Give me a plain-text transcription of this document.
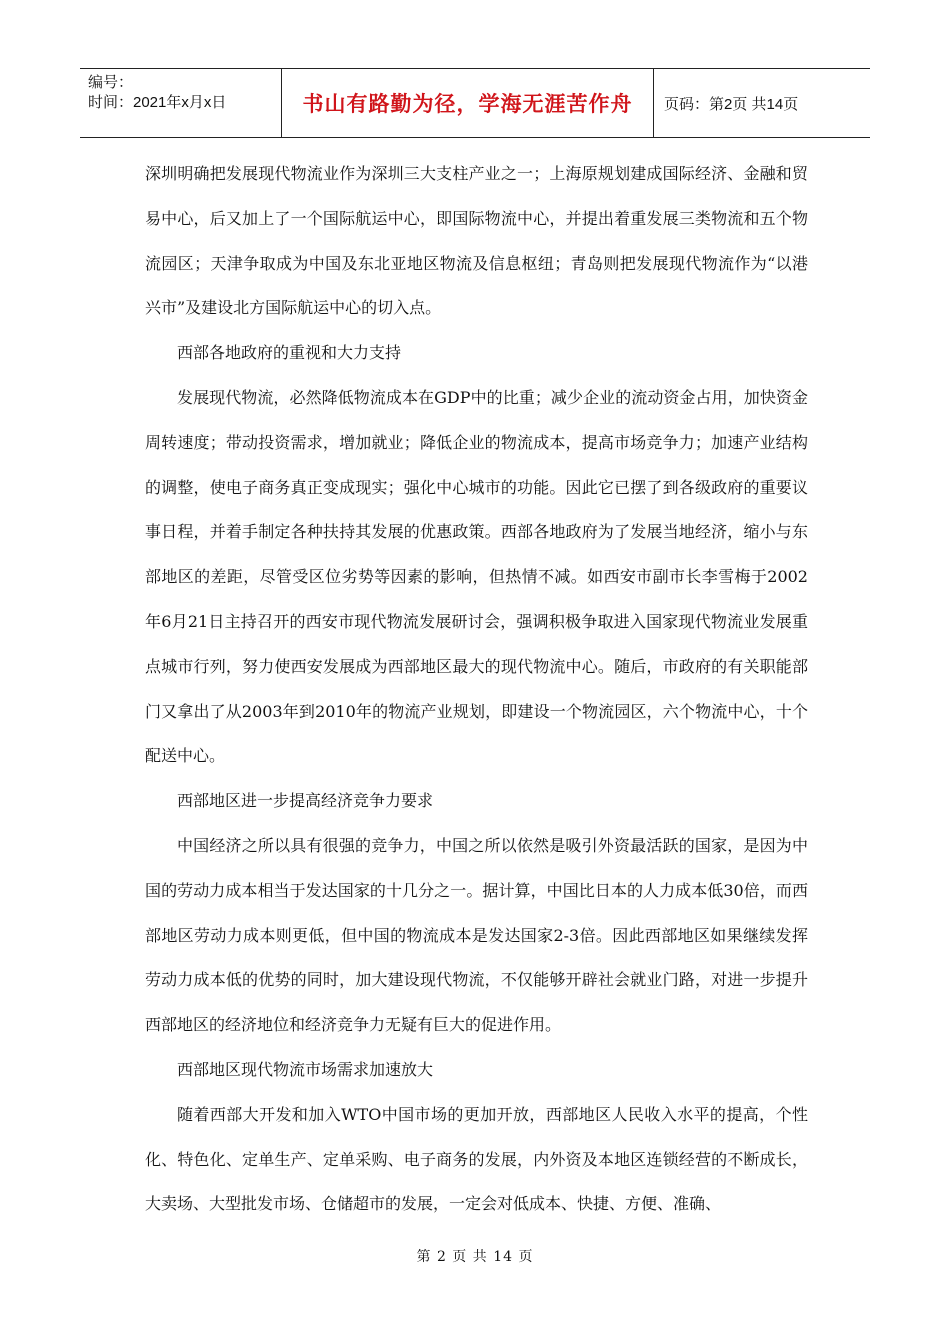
编号：
时间：2021年x月x日	书山有路勤为径，学海无涯苦作舟 页码：第2页 共14页

深圳明确把发展现代物流业作为深圳三大支柱产业之一；上海原规划建成国际经济、金融和贸易中心，后又加上了一个国际航运中心，即国际物流中心，并提出着重发展三类物流和五个物流园区；天津争取成为中国及东北亚地区物流及信息枢纽；青岛则把发展现代物流作为“以港兴市”及建设北方国际航运中心的切入点。

西部各地政府的重视和大力支持

发展现代物流，必然降低物流成本在GDP中的比重；减少企业的流动资金占用，加快资金周转速度；带动投资需求，增加就业；降低企业的物流成本，提高市场竞争力；加速产业结构的调整，使电子商务真正变成现实；强化中心城市的功能。因此它已摆了到各级政府的重要议事日程，并着手制定各种扶持其发展的优惠政策。西部各地政府为了发展当地经济，缩小与东部地区的差距，尽管受区位劣势等因素的影响，但热情不减。如西安市副市长李雪梅于2002年6月21日主持召开的西安市现代物流发展研讨会，强调积极争取进入国家现代物流业发展重点城市行列，努力使西安发展成为西部地区最大的现代物流中心。随后，市政府的有关职能部门又拿出了从2003年到2010年的物流产业规划，即建设一个物流园区，六个物流中心，十个配送中心。

西部地区进一步提高经济竞争力要求

中国经济之所以具有很强的竞争力，中国之所以依然是吸引外资最活跃的国家，是因为中国的劳动力成本相当于发达国家的十几分之一。据计算，中国比日本的人力成本低30倍，而西部地区劳动力成本则更低，但中国的物流成本是发达国家2-3倍。因此西部地区如果继续发挥劳动力成本低的优势的同时，加大建设现代物流，不仅能够开辟社会就业门路，对进一步提升西部地区的经济地位和经济竞争力无疑有巨大的促进作用。

西部地区现代物流市场需求加速放大

随着西部大开发和加入WTO中国市场的更加开放，西部地区人民收入水平的提高，个性化、特色化、定单生产、定单采购、电子商务的发展，内外资及本地区连锁经营的不断成长，大卖场、大型批发市场、仓储超市的发展，一定会对低成本、快捷、方便、准确、

第 2 页 共 14 页
